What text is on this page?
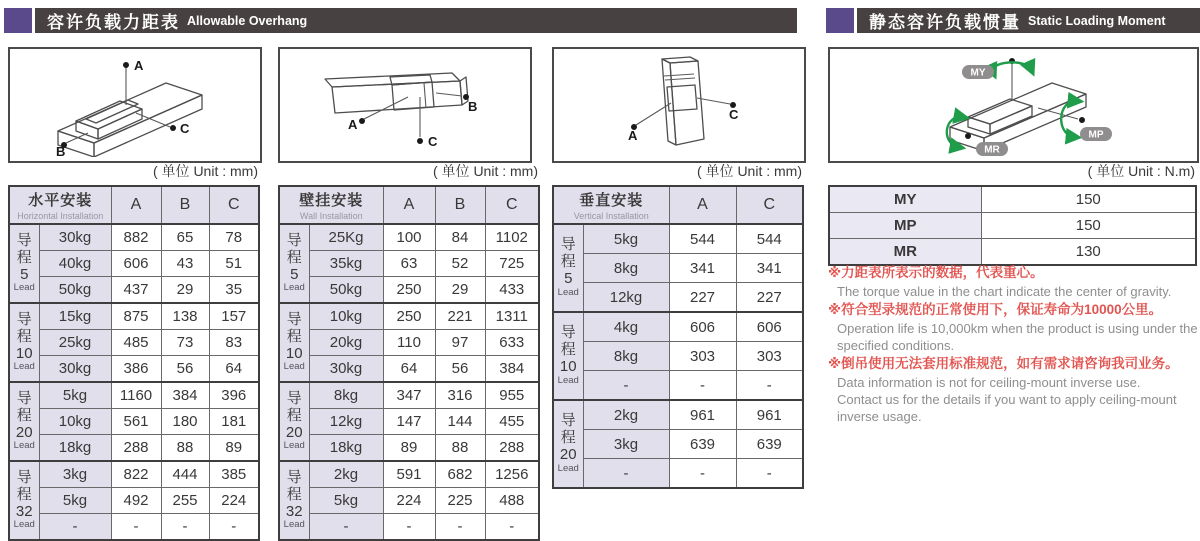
容许负载力距表 Allowable Overhang	静态容许负载惯量 Static Loading Moment
A
B
C	A
C
B
A
C
MY
MP
MR
( 单位 Unit : mm)	( 单位 Unit : mm)	( 单位 Unit : mm)	( 单位 Unit : N.m)
水平安装
Horizontal Installation		A	B	C

导
程
5
Lead	30kg	882	65	78
	40kg	606	43	51
	50kg	437	29	35

导
程
10
Lead	15kg	875	138	157
	25kg	485	73	83
	30kg	386	56	64

导
程
20
Lead	5kg	1160	384	396
	10kg	561	180	181
	18kg	288	88	89

导
程
32
Lead	3kg	822	444	385
	5kg	492	255	224
	-	-	-	-
壁挂安装
Wall Installation		A	B	C

导
程
5
Lead	25Kg	100	84	1102
	35kg	63	52	725
	50kg	250	29	433

导
程
10
Lead	10kg	250	221	1311
	20kg	110	97	633
	30kg	64	56	384

导
程
20
Lead	8kg	347	316	955
	12kg	147	144	455
	18kg	89	88	288

导
程
32
Lead	2kg	591	682	1256
	5kg	224	225	488
	-	-	-	-
垂直安装
Vertical Installation		A	C

导
程
5
Lead	5kg	544	544
	8kg	341	341
	12kg	227	227

导
程
10
Lead	4kg	606	606
	8kg	303	303
	-	-	-

导
程
20
Lead	2kg	961	961
	3kg	639	639
	-	-	-
MY	150
MP	150
MR	130
※力距表所表示的数据，代表重心。
The torque value in the chart indicate the center of gravity.
※符合型录规范的正常使用下，保证寿命为10000公里。
Operation life is 10,000km when the product is using under the specified conditions.
※倒吊使用无法套用标准规范，如有需求请咨询我司业务。
Data information is not for ceiling-mount inverse use.
Contact us for the details if you want to apply ceiling-mount inverse usage.
